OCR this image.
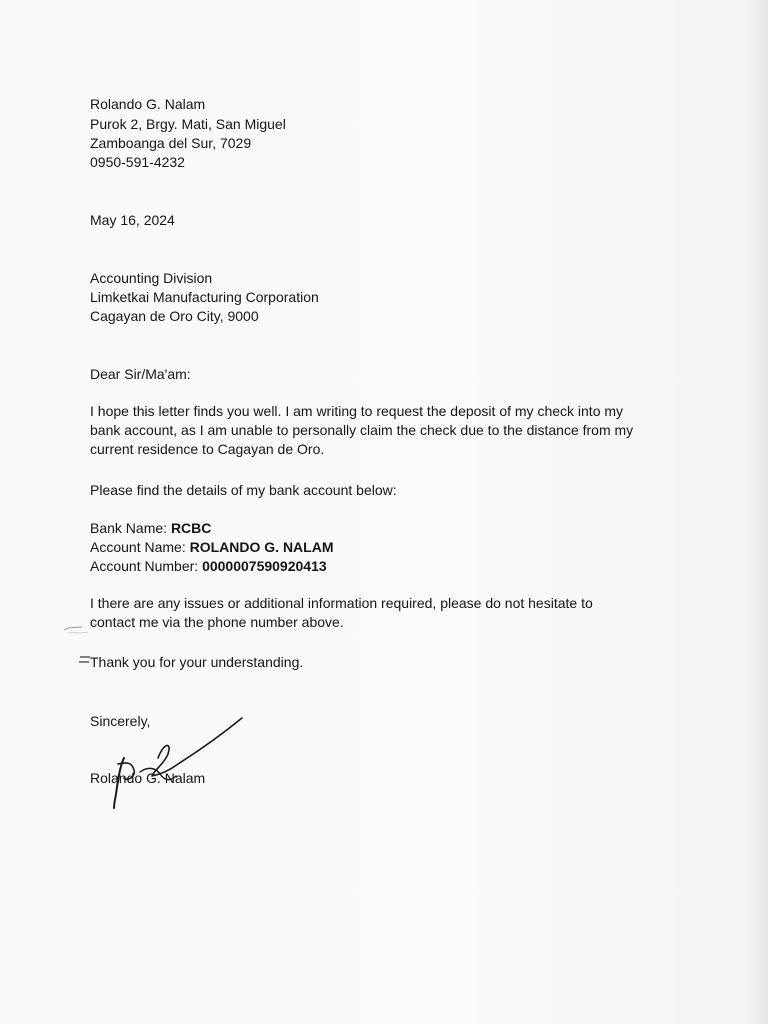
Rolando G. Nalam
Purok 2, Brgy. Mati, San Miguel
Zamboanga del Sur, 7029
0950-591-4232
May 16, 2024
Accounting Division
Limketkai Manufacturing Corporation
Cagayan de Oro City, 9000
Dear Sir/Ma'am:
I hope this letter finds you well. I am writing to request the deposit of my check into my
bank account, as I am unable to personally claim the check due to the distance from my
current residence to Cagayan de Oro.
Please find the details of my bank account below:
Bank Name: RCBC
Account Name: ROLANDO G. NALAM
Account Number: 0000007590920413
I there are any issues or additional information required, please do not hesitate to
contact me via the phone number above.
Thank you for your understanding.
Sincerely,
Rolando G. Nalam
